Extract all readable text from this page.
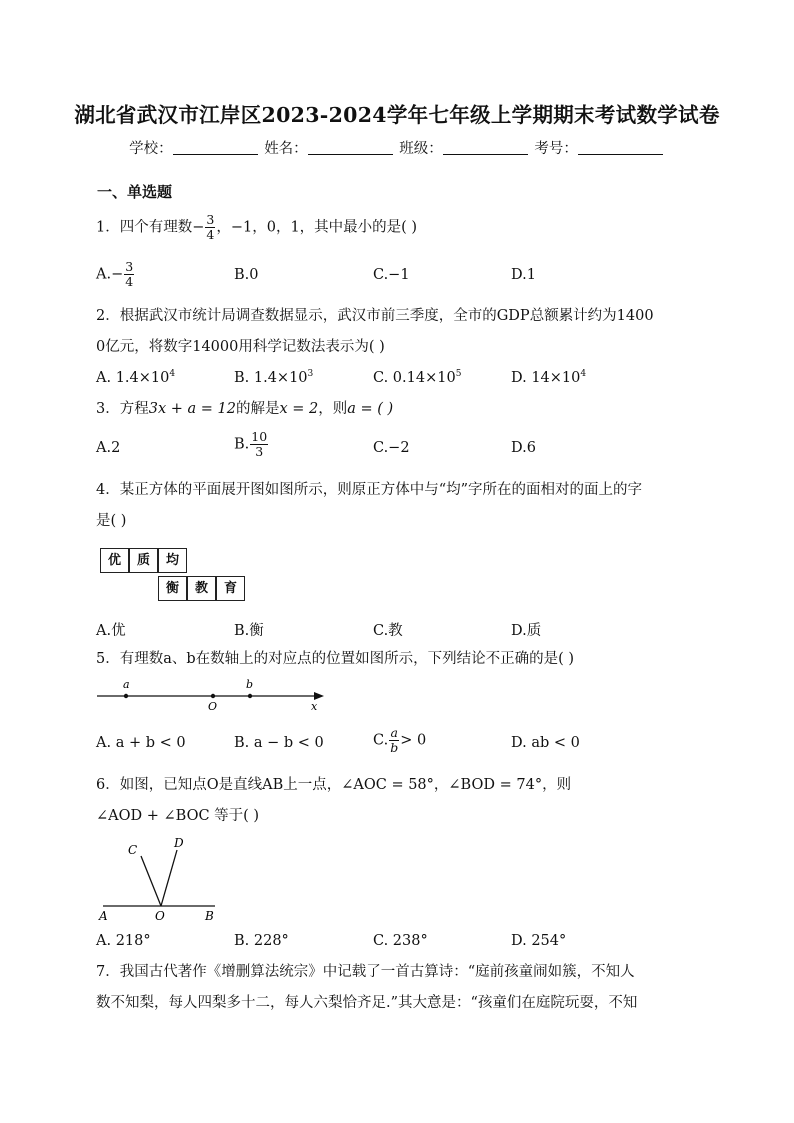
湖北省武汉市江岸区2023-2024学年七年级上学期期末考试数学试卷
学校：	姓名：	班级：	考号：
一、单选题
1．四个有理数− $\frac{3}{4}$ ，−1，0，1，其中最小的是( )
$A.- \frac{3}{4}$	B.0	C.−1	D.1
2．根据武汉市统计局调查数据显示，武汉市前三季度，全市的GDP总额累计约为1400
0亿元，将数字14000用科学记数法表示为( )
A. $1.4\times 10^4$	B. $1.4\times 10^3$	C. $0.14\times 10^5$	D. $14\times 10^4$
3．方程3x + a = 12的解是x = 2，则a = ( )
A.2	B. $\frac{10}{3}$	C.−2	D.6
4．某正方体的平面展开图如图所示，则原正方体中与“均”字所在的面相对的面上的字
是( )
优	质	均
衡	教	育
A.优	B.衡	C.教	D.质
5．有理数a、b在数轴上的对应点的位置如图所示，下列结论不正确的是( )
a
O
b
x
A. a + b < 0	B. a − b < 0	C. $\frac{a}{b} > 0$	D. ab < 0
6．如图，已知点O是直线AB上一点，∠AOC = 58°，∠BOD = 74°，则
∠AOD + ∠BOC 等于( )
C	D
A	O	B
A. 218°	B. 228°	C. 238°	D. 254°
7．我国古代著作《增删算法统宗》中记载了一首古算诗：“庭前孩童闹如簇，不知人
数不知梨，每人四梨多十二，每人六梨恰齐足.”其大意是：“孩童们在庭院玩耍，不知
